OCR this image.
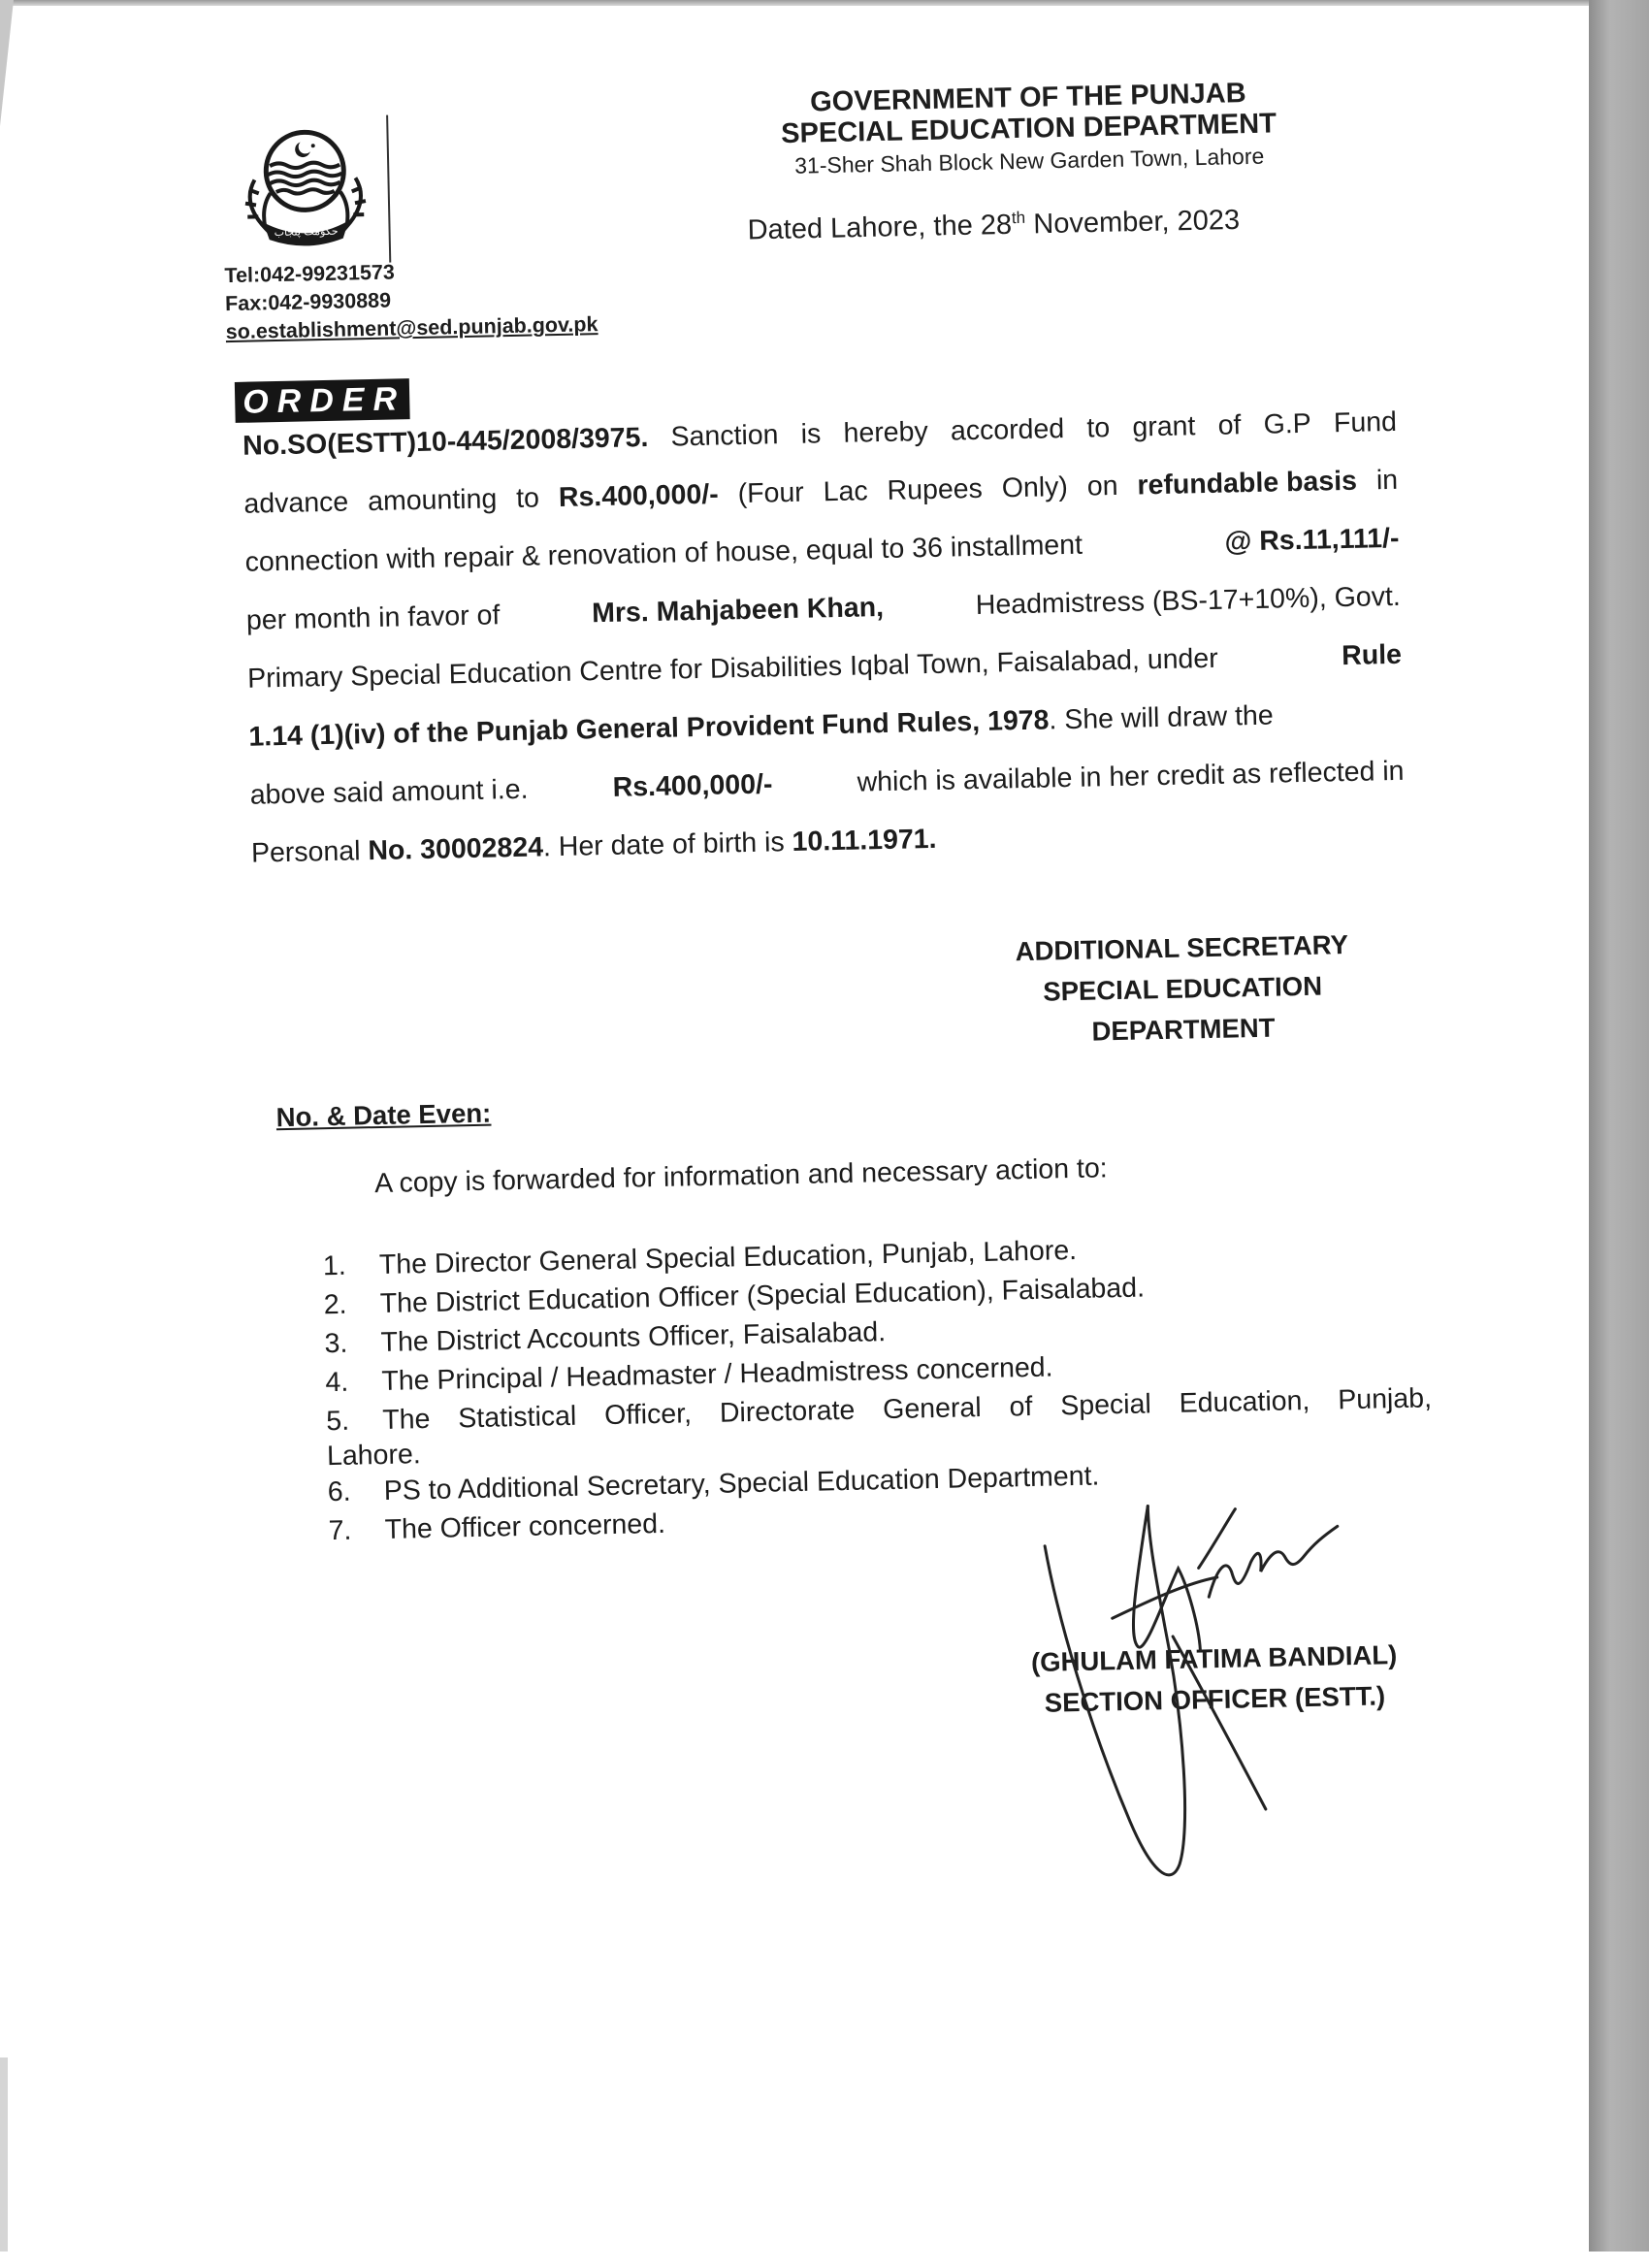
حکومت پنجاب
Tel:042-99231573
Fax:042-9930889
so.establishment@sed.punjab.gov.pk
GOVERNMENT OF THE PUNJAB
SPECIAL EDUCATION DEPARTMENT
31-Sher Shah Block New Garden Town, Lahore
Dated Lahore, the 28th November, 2023
ORDER
No.SO(ESTT)10-445/2008/3975. Sanction is hereby accorded to grant of G.P Fund
advance amounting to Rs.400,000/- (Four Lac Rupees Only) on refundable basis in
connection with repair & renovation of house, equal to 36 installment	@ Rs.11,111/-
per month in favor of	Mrs. Mahjabeen Khan,	Headmistress (BS-17+10%), Govt.
Primary Special Education Centre for Disabilities Iqbal Town, Faisalabad, under	Rule
1.14 (1)(iv) of the Punjab General Provident Fund Rules, 1978. She will draw the
above said amount i.e.	Rs.400,000/-	which is available in her credit as reflected in
Personal
No. 30002824 . Her date of birth is
10.11.1971.
ADDITIONAL SECRETARY
SPECIAL EDUCATION
DEPARTMENT
No. & Date Even:
A copy is forwarded for information and necessary action to:
1.	The Director General Special Education, Punjab, Lahore.
2.	The District Education Officer (Special Education), Faisalabad.
3.	The District Accounts Officer, Faisalabad.
4.	The Principal / Headmaster / Headmistress concerned.
5.	The Statistical Officer, Directorate General of Special Education, Punjab,
Lahore.
6.	PS to Additional Secretary, Special Education Department.
7.	The Officer concerned.
(GHULAM FATIMA BANDIAL)
SECTION OFFICER (ESTT.)
